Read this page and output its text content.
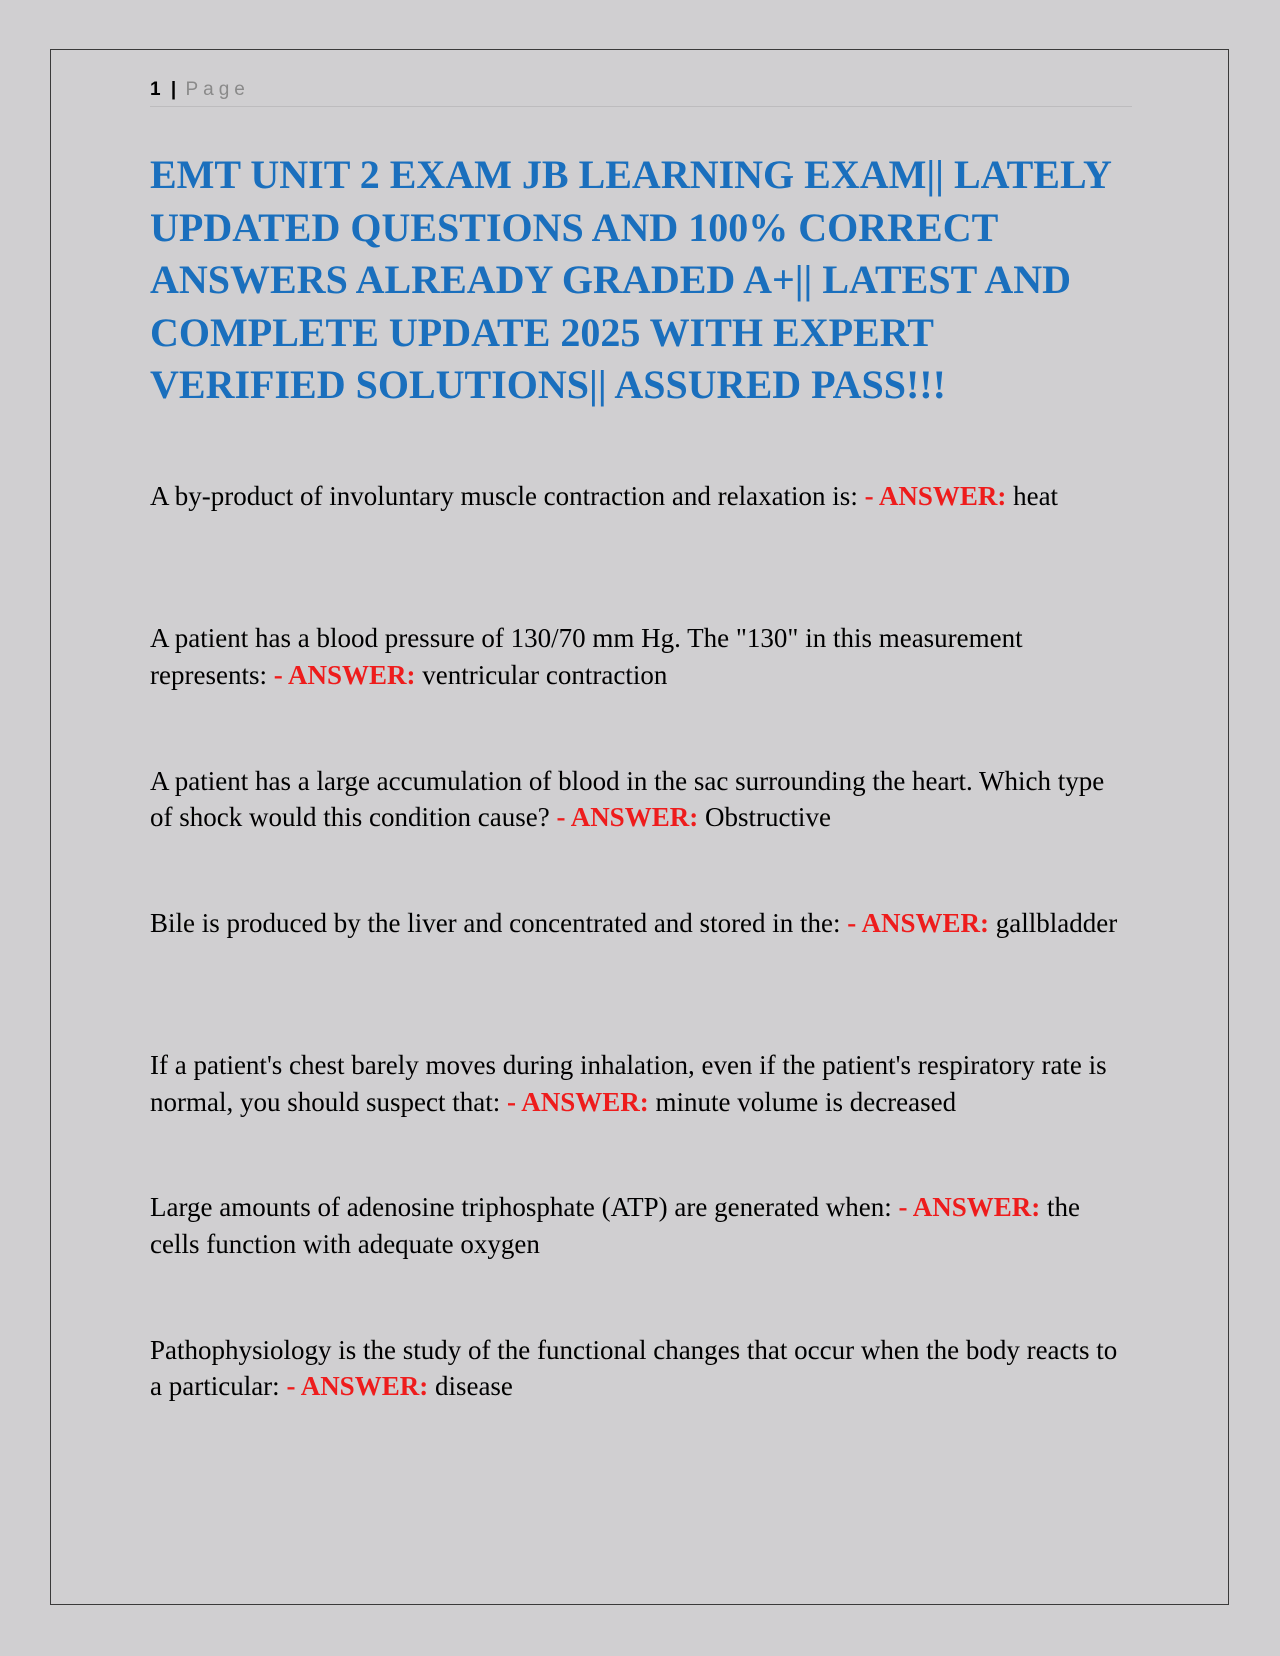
1 | Page
EMT UNIT 2 EXAM JB LEARNING EXAM|| LATELY UPDATED QUESTIONS AND 100% CORRECT ANSWERS ALREADY GRADED A+|| LATEST AND COMPLETE UPDATE 2025 WITH EXPERT VERIFIED SOLUTIONS|| ASSURED PASS!!!
A by-product of involuntary muscle contraction and relaxation is: - ANSWER: heat
A patient has a blood pressure of 130/70 mm Hg. The "130" in this measurement represents: - ANSWER: ventricular contraction
A patient has a large accumulation of blood in the sac surrounding the heart. Which type of shock would this condition cause? - ANSWER: Obstructive
Bile is produced by the liver and concentrated and stored in the: - ANSWER: gallbladder
If a patient's chest barely moves during inhalation, even if the patient's respiratory rate is normal, you should suspect that: - ANSWER: minute volume is decreased
Large amounts of adenosine triphosphate (ATP) are generated when: - ANSWER: the cells function with adequate oxygen
Pathophysiology is the study of the functional changes that occur when the body reacts to a particular: - ANSWER: disease
